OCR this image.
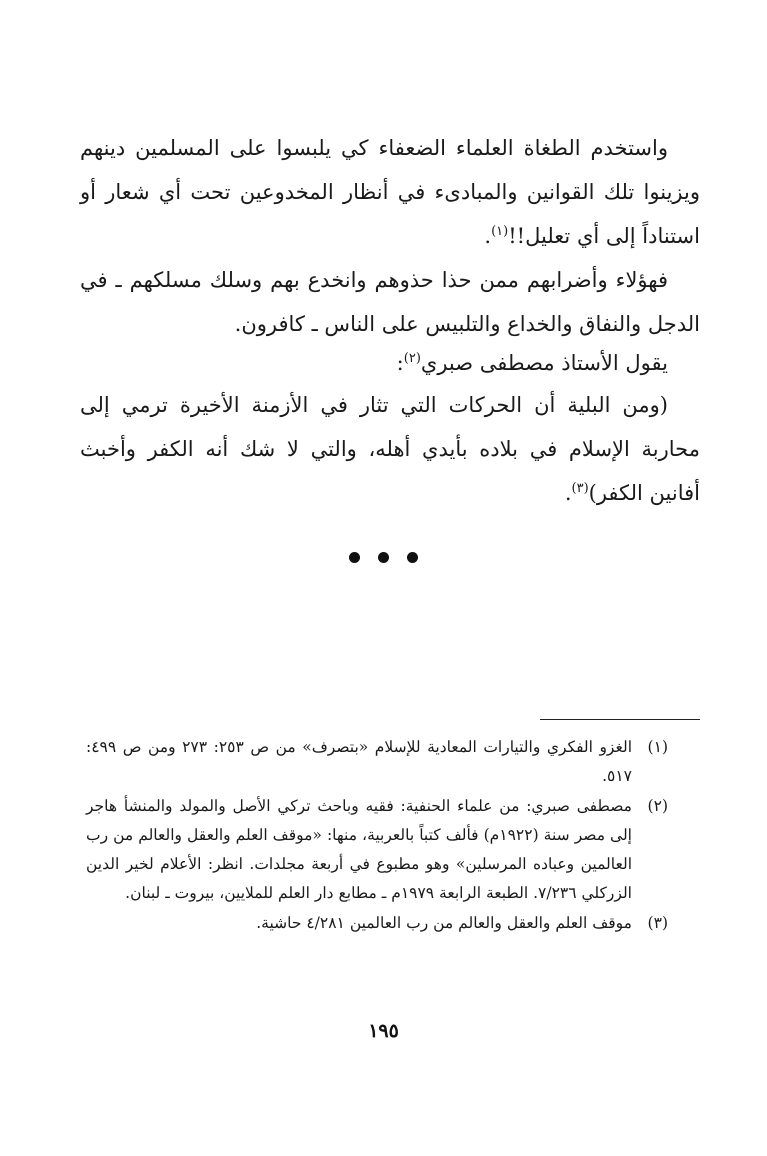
واستخدم الطغاة العلماء الضعفاء كي يلبسوا على المسلمين دينهم ويزينوا تلك القوانين والمبادىء في أنظار المخدوعين تحت أي شعار أو استناداً إلى أي تعليل!!$^{(١)}$.

فهؤلاء وأضرابهم ممن حذا حذوهم وانخدع بهم وسلك مسلكهم ـ في الدجل والنفاق والخداع والتلبيس على الناس ـ كافرون.

يقول الأستاذ مصطفى صبري$^{(٢)}$:

(ومن البلية أن الحركات التي تثار في الأزمنة الأخيرة ترمي إلى محاربة الإسلام في بلاده بأيدي أهله، والتي لا شك أنه الكفر وأخبث أفانين الكفر)$^{(٣)}$.

(١)
الغزو الفكري والتيارات المعادية للإسلام «بتصرف» من ص ٢٥٣: ٢٧٣ ومن ص ٤٩٩: ٥١٧.
(٢)
مصطفى صبري: من علماء الحنفية: فقيه وباحث تركي الأصل والمولد والمنشأ هاجر إلى مصر سنة (١٩٢٢م) فألف كتباً بالعربية، منها: «موقف العلم والعقل والعالم من رب العالمين وعباده المرسلين» وهو مطبوع في أربعة مجلدات. انظر: الأعلام لخير الدين الزركلي ٧/٢٣٦. الطبعة الرابعة ١٩٧٩م ـ مطابع دار العلم للملايين، بيروت ـ لبنان.
(٣)
موقف العلم والعقل والعالم من رب العالمين ٤/٢٨١ حاشية.
١٩٥
